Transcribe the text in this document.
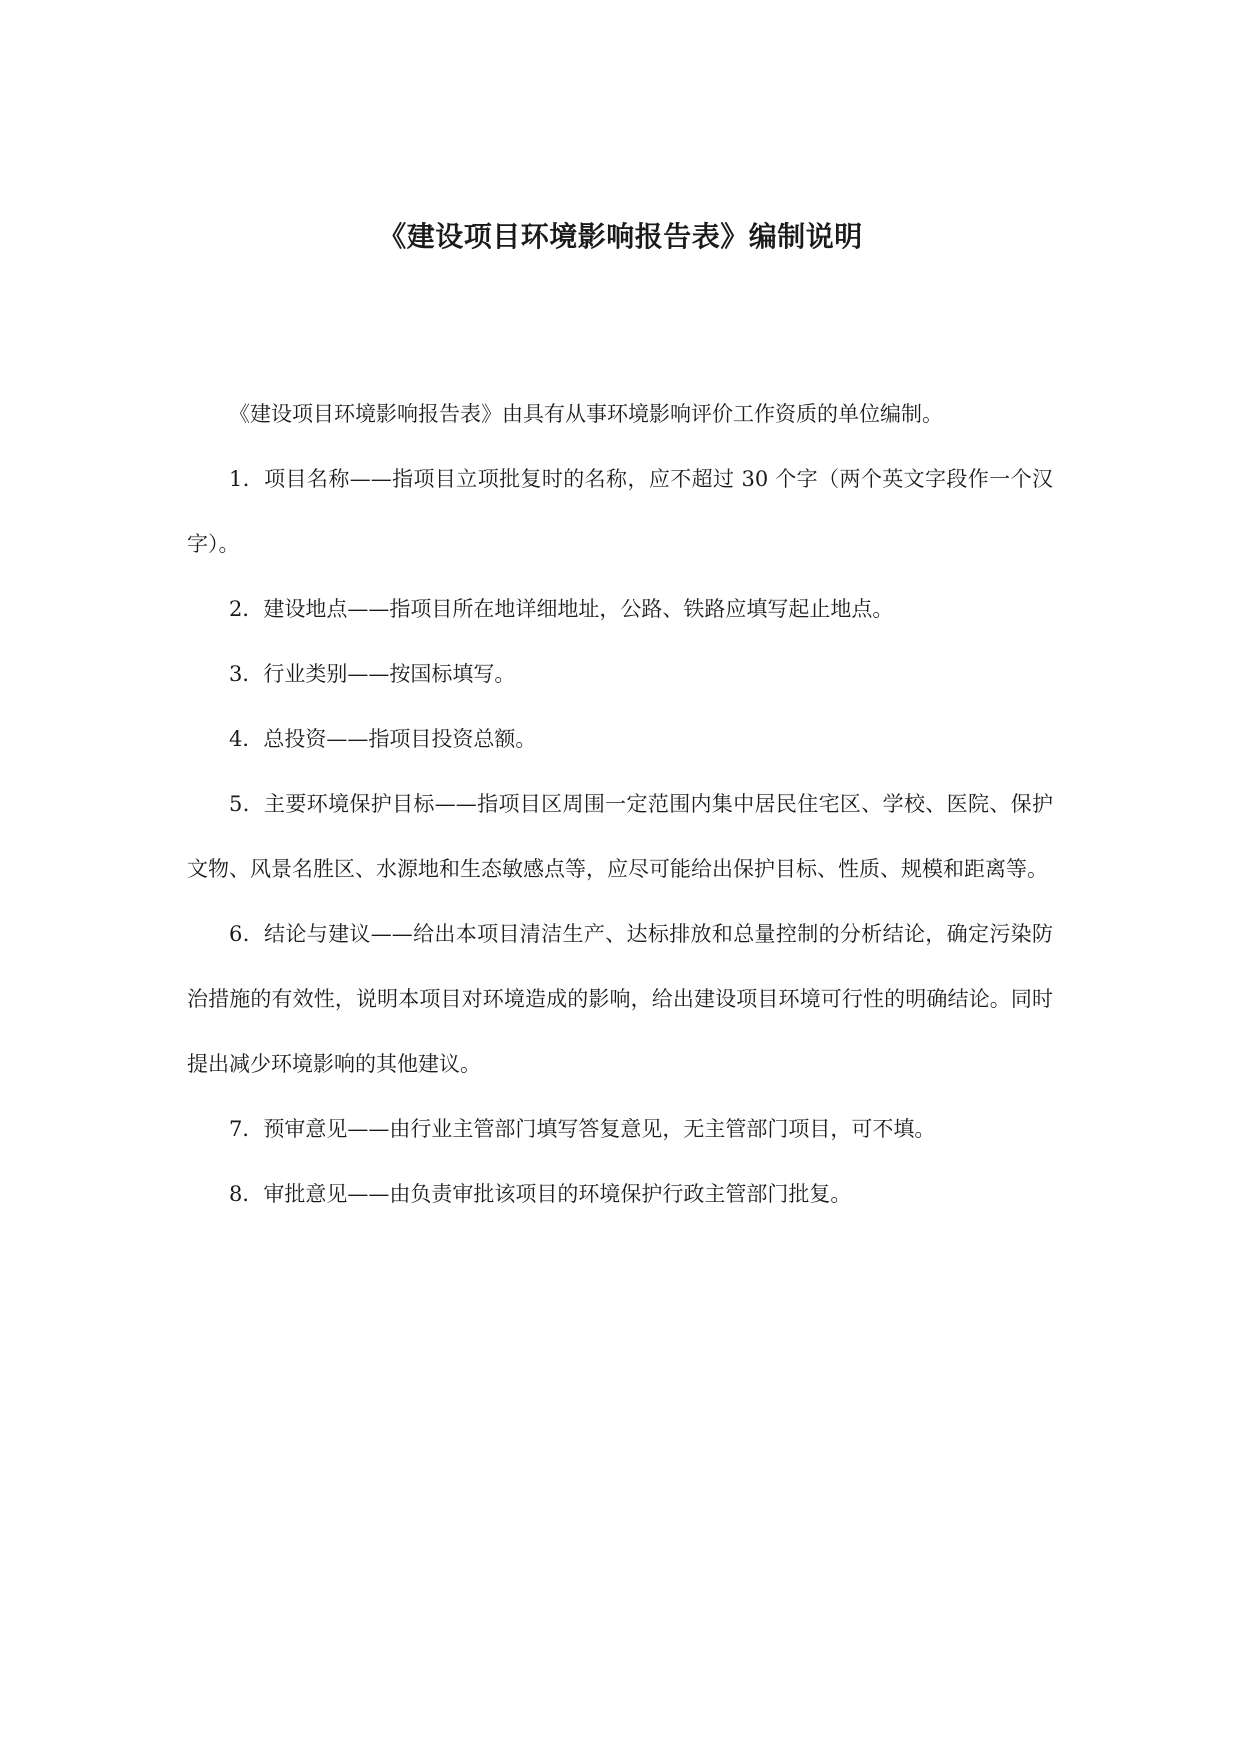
《建设项目环境影响报告表》编制说明

《建设项目环境影响报告表》由具有从事环境影响评价工作资质的单位编制。

1．项目名称——指项目立项批复时的名称，应不超过 30 个字（两个英文字段作一个汉字）。

2．建设地点——指项目所在地详细地址，公路、铁路应填写起止地点。

3．行业类别——按国标填写。

4．总投资——指项目投资总额。

5．主要环境保护目标——指项目区周围一定范围内集中居民住宅区、学校、医院、保护文物、风景名胜区、水源地和生态敏感点等，应尽可能给出保护目标、性质、规模和距离等。

6．结论与建议——给出本项目清洁生产、达标排放和总量控制的分析结论，确定污染防治措施的有效性，说明本项目对环境造成的影响，给出建设项目环境可行性的明确结论。同时提出减少环境影响的其他建议。

7．预审意见——由行业主管部门填写答复意见，无主管部门项目，可不填。

8．审批意见——由负责审批该项目的环境保护行政主管部门批复。
